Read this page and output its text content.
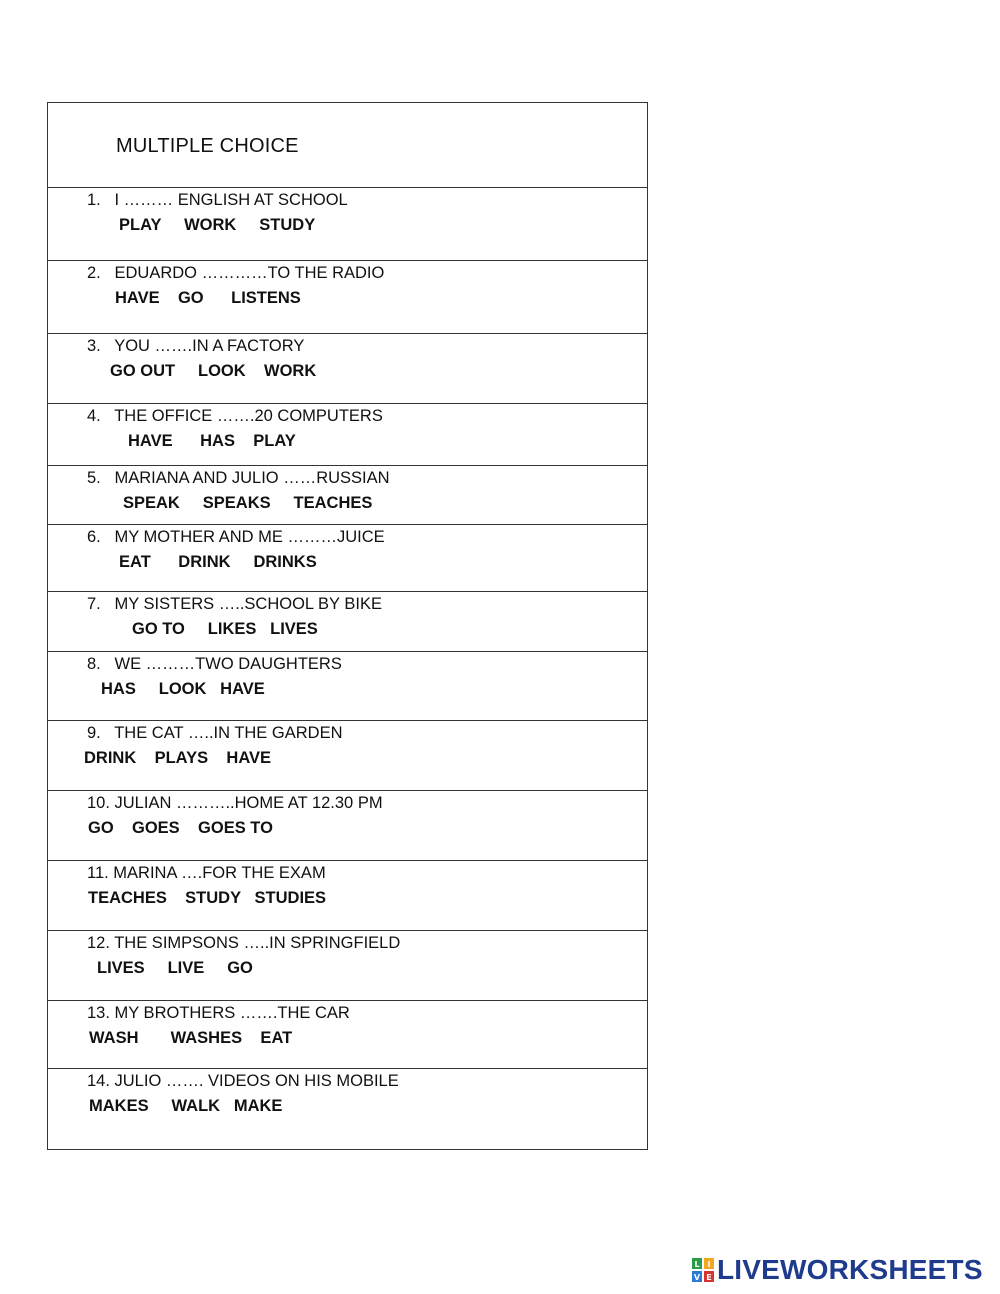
MULTIPLE CHOICE
1.   I ……… ENGLISH AT SCHOOL
PLAY     WORK     STUDY
2.   EDUARDO …………TO THE RADIO
HAVE    GO      LISTENS
3.   YOU …….IN A FACTORY
GO OUT     LOOK    WORK
4.   THE OFFICE …….20 COMPUTERS
HAVE      HAS    PLAY
5.   MARIANA AND JULIO ……RUSSIAN
SPEAK     SPEAKS     TEACHES
6.   MY MOTHER AND ME ………JUICE
EAT      DRINK     DRINKS
7.   MY SISTERS …..SCHOOL BY BIKE
GO TO     LIKES   LIVES
8.   WE ………TWO DAUGHTERS
HAS     LOOK   HAVE
9.   THE CAT …..IN THE GARDEN
DRINK    PLAYS    HAVE
10. JULIAN ………..HOME AT 12.30 PM
GO    GOES    GOES TO
11. MARINA ….FOR THE EXAM
TEACHES    STUDY   STUDIES
12. THE SIMPSONS …..IN SPRINGFIELD
LIVES     LIVE     GO
13. MY BROTHERS …….THE CAR
WASH       WASHES    EAT
14. JULIO ……. VIDEOS ON HIS MOBILE
MAKES     WALK   MAKE
L I
V E LIVEWORKSHEETS
